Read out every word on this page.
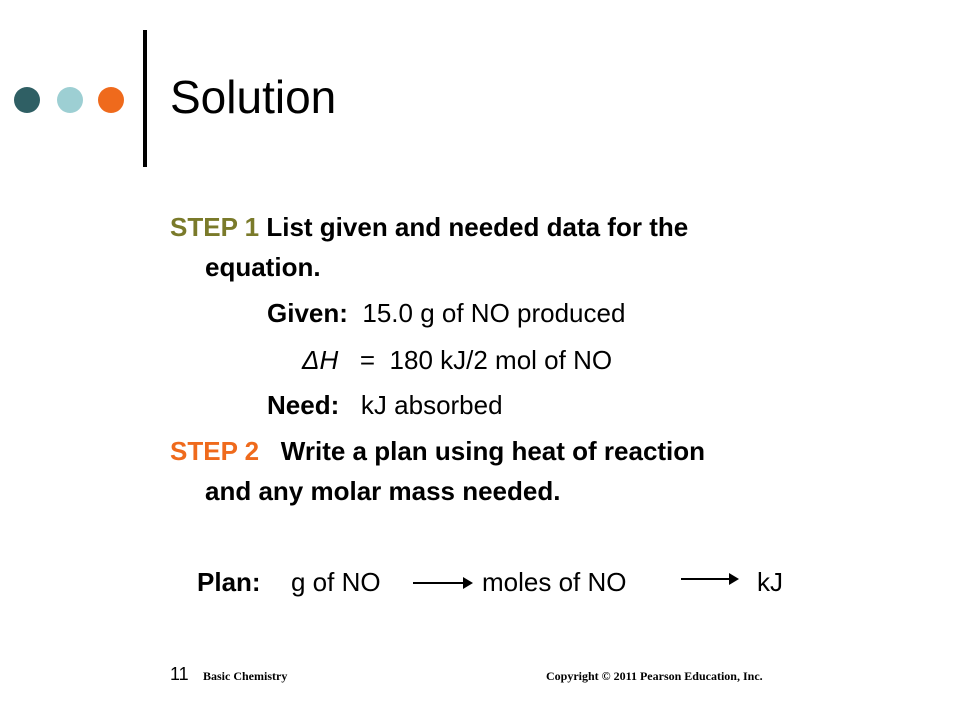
Solution
STEP 1 List given and needed data for the
equation.
Given:  15.0 g of NO produced
ΔH   =  180 kJ/2 mol of NO
Need:   kJ absorbed
STEP 2   Write a plan using heat of reaction
and any molar mass needed.
Plan: g of NO	moles of NO	kJ
11 Basic Chemistry	Copyright © 2011 Pearson Education, Inc.
